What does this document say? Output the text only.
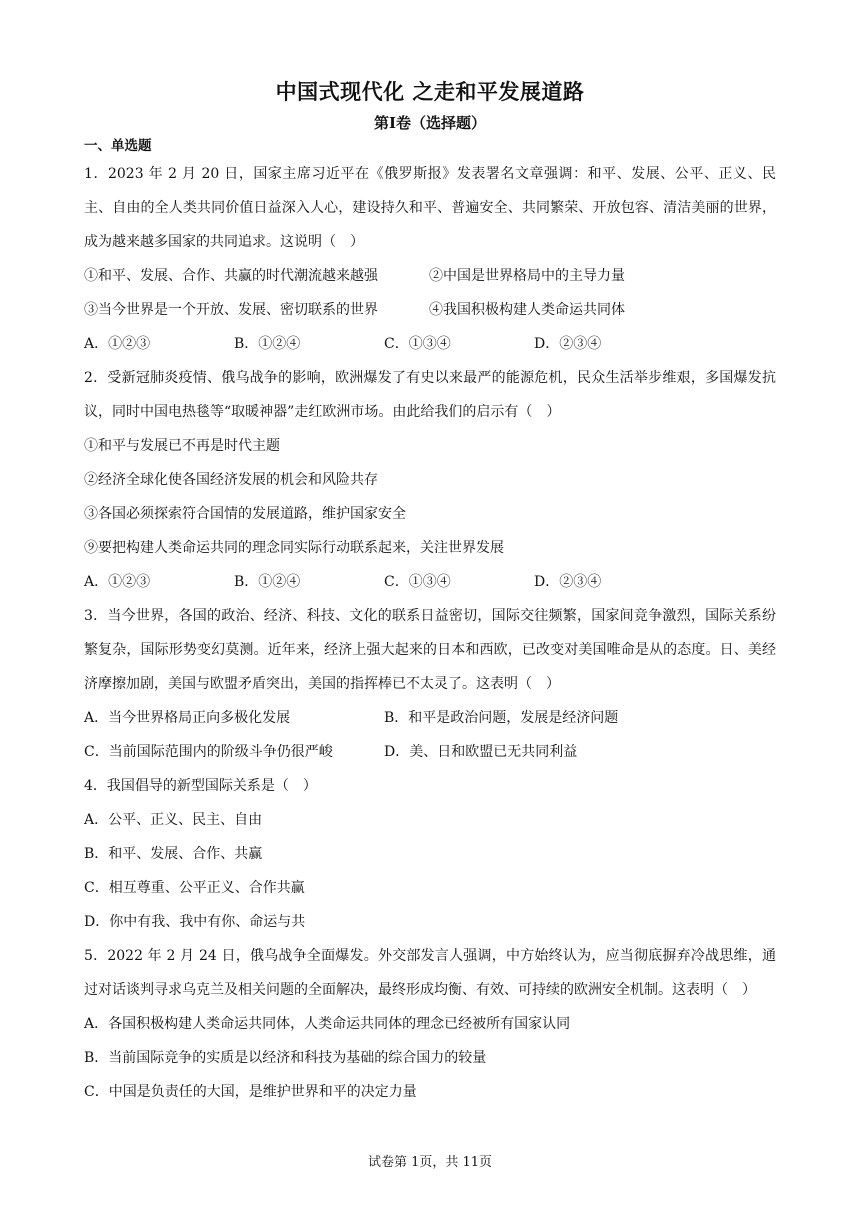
中国式现代化 之走和平发展道路
第Ⅰ卷（选择题）
一、单选题

1．2023 年 2 月 20 日，国家主席习近平在《俄罗斯报》发表署名文章强调：和平、发展、公平、正义、民主、自由的全人类共同价值日益深入人心，建设持久和平、普遍安全、共同繁荣、开放包容、清洁美丽的世界，成为越来越多国家的共同追求。这说明（　）

①和平、发展、合作、共赢的时代潮流越来越强	②中国是世界格局中的主导力量
③当今世界是一个开放、发展、密切联系的世界	④我国积极构建人类命运共同体
A．①②③	B．①②④	C．①③④	D．②③④

2．受新冠肺炎疫情、俄乌战争的影响，欧洲爆发了有史以来最严的能源危机，民众生活举步维艰，多国爆发抗议，同时中国电热毯等“取暖神器”走红欧洲市场。由此给我们的启示有（　）

①和平与发展已不再是时代主题
②经济全球化使各国经济发展的机会和风险共存
③各国必须探索符合国情的发展道路，维护国家安全
⑨要把构建人类命运共同的理念同实际行动联系起来，关注世界发展
A．①②③	B．①②④	C．①③④	D．②③④

3．当今世界，各国的政治、经济、科技、文化的联系日益密切，国际交往频繁，国家间竞争激烈，国际关系纷繁复杂，国际形势变幻莫测。近年来，经济上强大起来的日本和西欧，已改变对美国唯命是从的态度。日、美经济摩擦加剧，美国与欧盟矛盾突出，美国的指挥棒已不太灵了。这表明（　）

A．当今世界格局正向多极化发展	B．和平是政治问题，发展是经济问题
C．当前国际范围内的阶级斗争仍很严峻	D．美、日和欧盟已无共同利益

4．我国倡导的新型国际关系是（　）

A．公平、正义、民主、自由
B．和平、发展、合作、共赢
C．相互尊重、公平正义、合作共赢
D．你中有我、我中有你、命运与共

5．2022 年 2 月 24 日，俄乌战争全面爆发。外交部发言人强调，中方始终认为，应当彻底摒弃冷战思维，通过对话谈判寻求乌克兰及相关问题的全面解决，最终形成均衡、有效、可持续的欧洲安全机制。这表明（　）

A．各国积极构建人类命运共同体，人类命运共同体的理念已经被所有国家认同
B．当前国际竞争的实质是以经济和科技为基础的综合国力的较量
C．中国是负责任的大国，是维护世界和平的决定力量
试卷第 1页，共 11页
